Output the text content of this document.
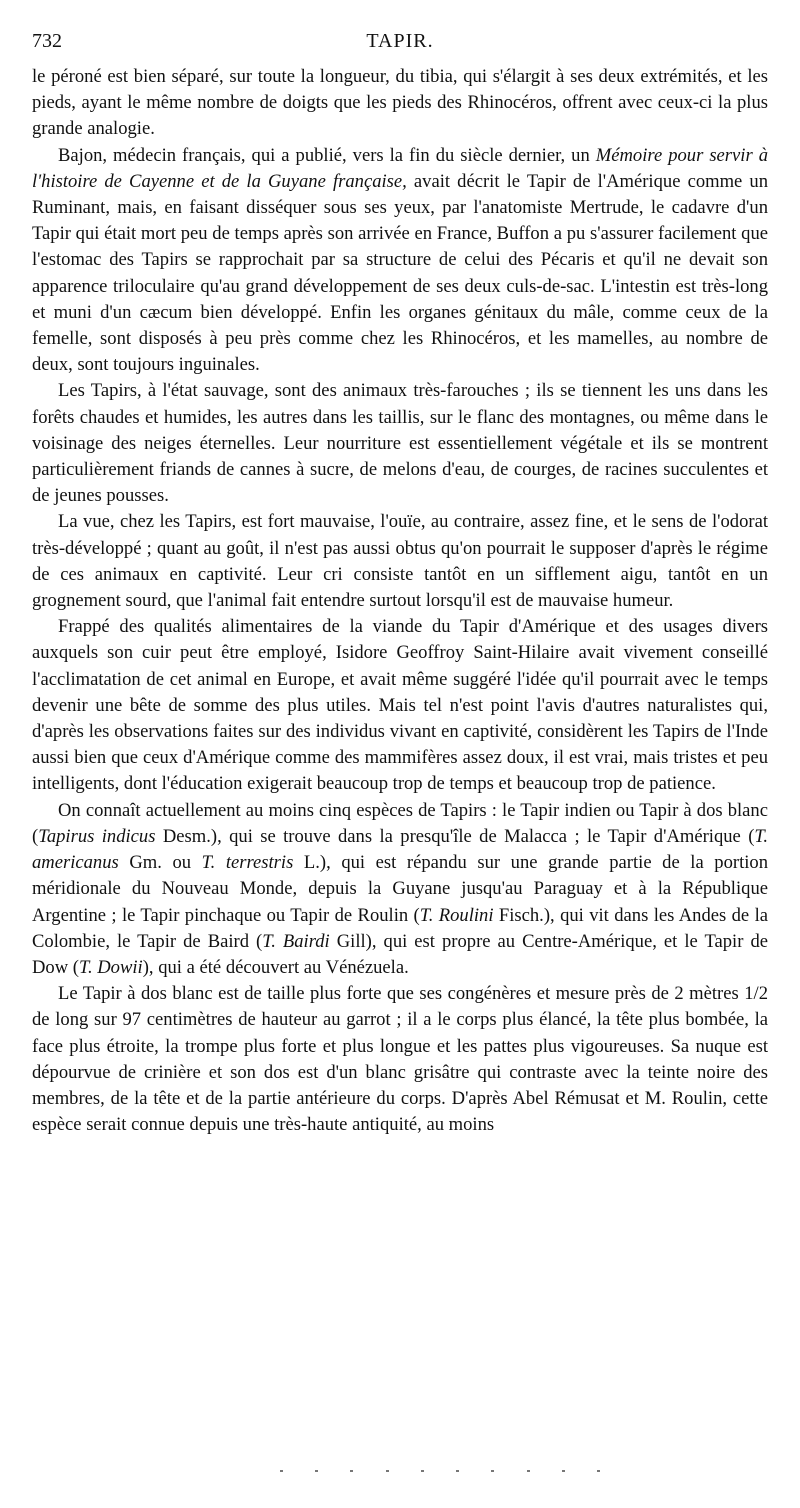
732	TAPIR.

le péroné est bien séparé, sur toute la longueur, du tibia, qui s'élargit à ses deux extrémités, et les pieds, ayant le même nombre de doigts que les pieds des Rhinocéros, offrent avec ceux-ci la plus grande analogie.

Bajon, médecin français, qui a publié, vers la fin du siècle dernier, un Mémoire pour servir à l'histoire de Cayenne et de la Guyane française, avait décrit le Tapir de l'Amérique comme un Ruminant, mais, en faisant disséquer sous ses yeux, par l'anatomiste Mertrude, le cadavre d'un Tapir qui était mort peu de temps après son arrivée en France, Buffon a pu s'assurer facilement que l'estomac des Tapirs se rapprochait par sa structure de celui des Pécaris et qu'il ne devait son apparence triloculaire qu'au grand développement de ses deux culs-de-sac. L'intestin est très-long et muni d'un cæcum bien développé. Enfin les organes génitaux du mâle, comme ceux de la femelle, sont disposés à peu près comme chez les Rhinocéros, et les mamelles, au nombre de deux, sont toujours inguinales.

Les Tapirs, à l'état sauvage, sont des animaux très-farouches ; ils se tiennent les uns dans les forêts chaudes et humides, les autres dans les taillis, sur le flanc des montagnes, ou même dans le voisinage des neiges éternelles. Leur nourriture est essentiellement végétale et ils se montrent particulièrement friands de cannes à sucre, de melons d'eau, de courges, de racines succulentes et de jeunes pousses.

La vue, chez les Tapirs, est fort mauvaise, l'ouïe, au contraire, assez fine, et le sens de l'odorat très-développé ; quant au goût, il n'est pas aussi obtus qu'on pourrait le supposer d'après le régime de ces animaux en captivité. Leur cri consiste tantôt en un sifflement aigu, tantôt en un grognement sourd, que l'animal fait entendre surtout lorsqu'il est de mauvaise humeur.

Frappé des qualités alimentaires de la viande du Tapir d'Amérique et des usages divers auxquels son cuir peut être employé, Isidore Geoffroy Saint-Hilaire avait vivement conseillé l'acclimatation de cet animal en Europe, et avait même suggéré l'idée qu'il pourrait avec le temps devenir une bête de somme des plus utiles. Mais tel n'est point l'avis d'autres naturalistes qui, d'après les observations faites sur des individus vivant en captivité, considèrent les Tapirs de l'Inde aussi bien que ceux d'Amérique comme des mammifères assez doux, il est vrai, mais tristes et peu intelligents, dont l'éducation exigerait beaucoup trop de temps et beaucoup trop de patience.

On connaît actuellement au moins cinq espèces de Tapirs : le Tapir indien ou Tapir à dos blanc (Tapirus indicus Desm.), qui se trouve dans la presqu'île de Malacca ; le Tapir d'Amérique (T. americanus Gm. ou T. terrestris L.), qui est répandu sur une grande partie de la portion méridionale du Nouveau Monde, depuis la Guyane jusqu'au Paraguay et à la République Argentine ; le Tapir pinchaque ou Tapir de Roulin (T. Roulini Fisch.), qui vit dans les Andes de la Colombie, le Tapir de Baird (T. Bairdi Gill), qui est propre au Centre-Amérique, et le Tapir de Dow (T. Dowii), qui a été découvert au Vénézuela.

Le Tapir à dos blanc est de taille plus forte que ses congénères et mesure près de 2 mètres 1/2 de long sur 97 centimètres de hauteur au garrot ; il a le corps plus élancé, la tête plus bombée, la face plus étroite, la trompe plus forte et plus longue et les pattes plus vigoureuses. Sa nuque est dépourvue de crinière et son dos est d'un blanc grisâtre qui contraste avec la teinte noire des membres, de la tête et de la partie antérieure du corps. D'après Abel Rémusat et M. Roulin, cette espèce serait connue depuis une très-haute antiquité, au moins
